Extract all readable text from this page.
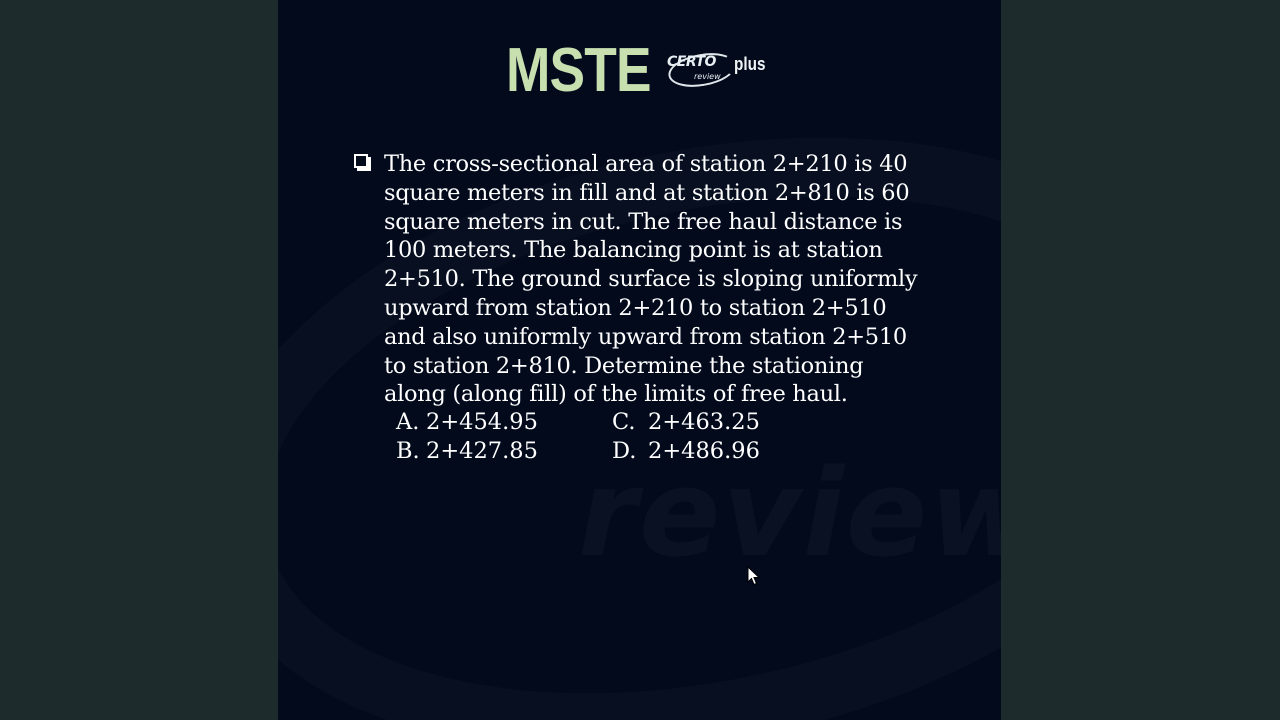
MSTE CERTO
review
plus
The cross-sectional area of station 2+210 is 40 square meters in fill and at station 2+810 is 60 square meters in cut. The free haul distance is 100 meters. The balancing point is at station 2+510. The ground surface is sloping uniformly upward from station 2+210 to station 2+510 and also uniformly upward from station 2+510 to station 2+810. Determine the stationing along (along fill) of the limits of free haul.
A. 2+454.95
B. 2+427.85
C. 2+463.25
D. 2+486.96
